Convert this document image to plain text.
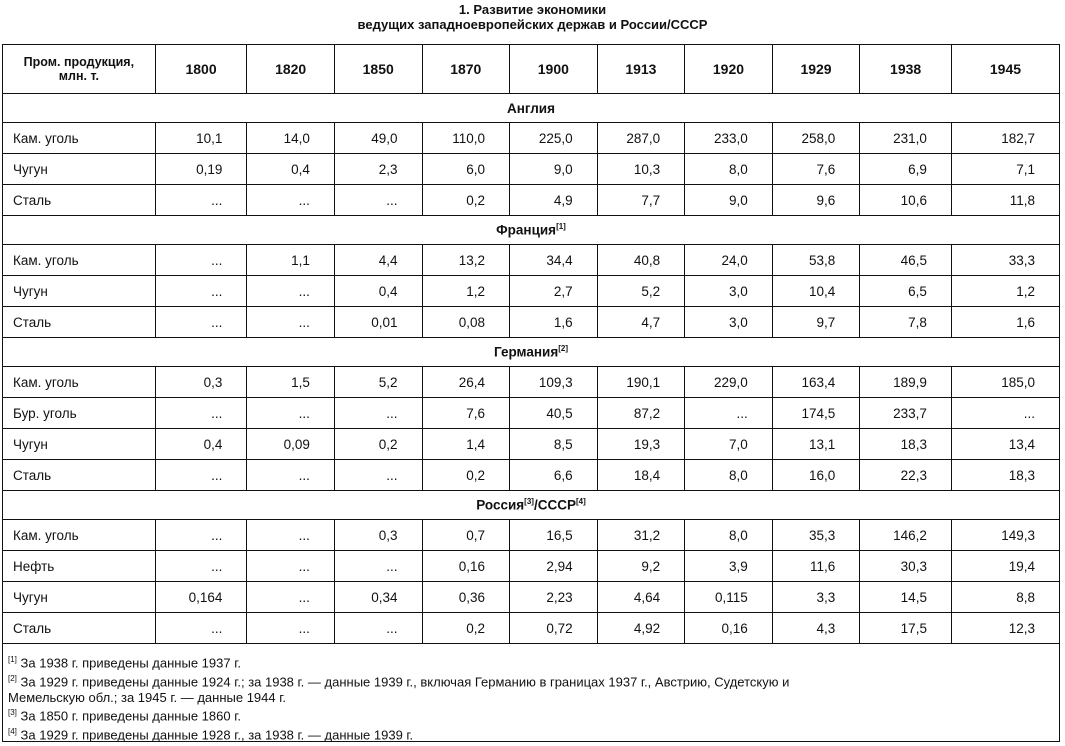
1. Развитие экономики
ведущих западноевропейских держав и России/СССР
Пром. продукция,
млн. т.	1800	1820	1850	1870	1900	1913	1920	1929	1938	1945
Англия										
Кам. уголь	10,1	14,0	49,0	110,0	225,0	287,0	233,0	258,0	231,0	182,7
Чугун	0,19	0,4	2,3	6,0	9,0	10,3	8,0	7,6	6,9	7,1
Сталь	...	...	...	0,2	4,9	7,7	9,0	9,6	10,6	11,8
Франция[1]
Кам. уголь	...	1,1	4,4	13,2	34,4	40,8	24,0	53,8	46,5	33,3
Чугун	...	...	0,4	1,2	2,7	5,2	3,0	10,4	6,5	1,2
Сталь	...	...	0,01	0,08	1,6	4,7	3,0	9,7	7,8	1,6
Германия[2]
Кам. уголь	0,3	1,5	5,2	26,4	109,3	190,1	229,0	163,4	189,9	185,0
Бур. уголь	...	...	...	7,6	40,5	87,2	...	174,5	233,7	...
Чугун	0,4	0,09	0,2	1,4	8,5	19,3	7,0	13,1	18,3	13,4
Сталь	...	...	...	0,2	6,6	18,4	8,0	16,0	22,3	18,3
Россия[3]/СССР[4]
Кам. уголь	...	...	0,3	0,7	16,5	31,2	8,0	35,3	146,2	149,3
Нефть	...	...	...	0,16	2,94	9,2	3,9	11,6	30,3	19,4
Чугун	0,164	...	0,34	0,36	2,23	4,64	0,115	3,3	14,5	8,8
Сталь	...	...	...	0,2	0,72	4,92	0,16	4,3	17,5	12,3
[1] За 1938 г. приведены данные 1937 г.
[2] За 1929 г. приведены данные 1924 г.; за 1938 г. — данные 1939 г., включая Германию в границах 1937 г., Австрию, Судетскую и
Мемельскую обл.; за 1945 г. — данные 1944 г.
[3] За 1850 г. приведены данные 1860 г.
[4] За 1929 г. приведены данные 1928 г., за 1938 г. — данные 1939 г.
